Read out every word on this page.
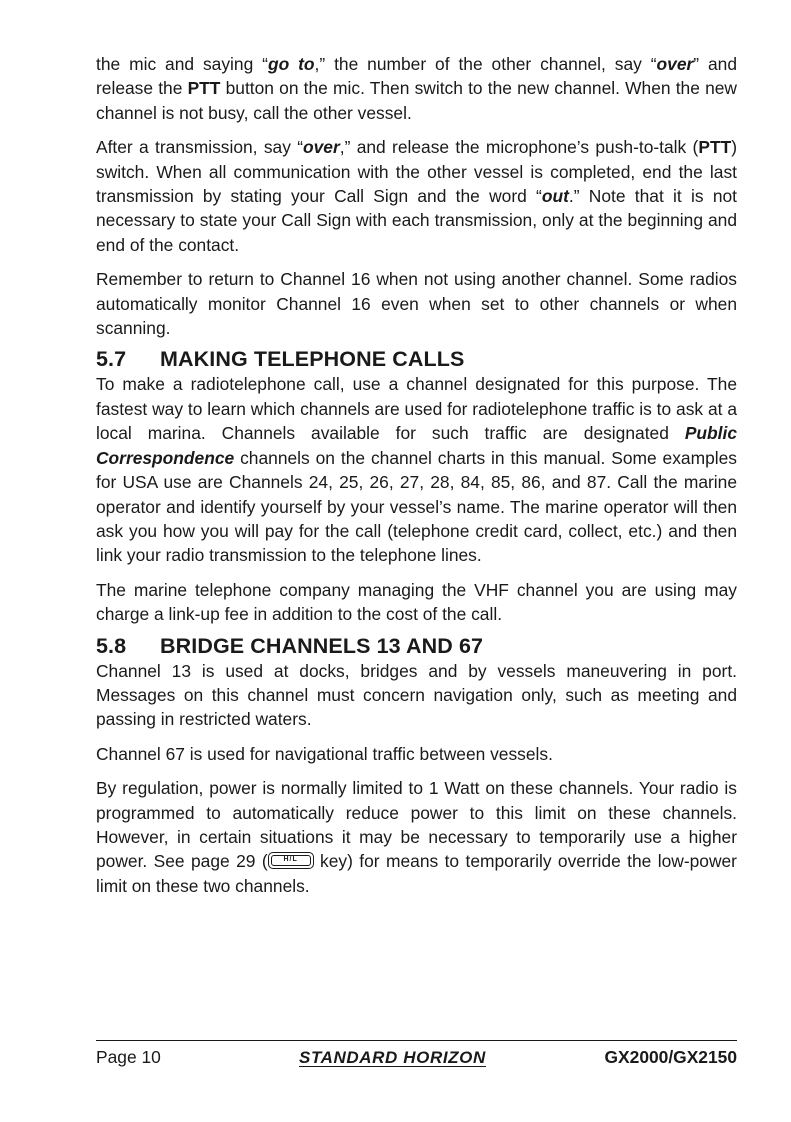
the mic and saying “go to,” the number of the other channel, say “over” and release the PTT button on the mic. Then switch to the new channel. When the new channel is not busy, call the other vessel.

After a transmission, say “over,” and release the microphone’s push-to-talk (PTT) switch. When all communication with the other vessel is completed, end the last transmission by stating your Call Sign and the word “out.” Note that it is not necessary to state your Call Sign with each transmission, only at the beginning and end of the contact.

Remember to return to Channel 16 when not using another channel. Some radios automatically monitor Channel 16 even when set to other channels or when scanning.

5.7 MAKING TELEPHONE CALLS

To make a radiotelephone call, use a channel designated for this purpose. The fastest way to learn which channels are used for radiotelephone traffic is to ask at a local marina. Channels available for such traffic are designated Public Correspondence channels on the channel charts in this manual. Some examples for USA use are Channels 24, 25, 26, 27, 28, 84, 85, 86, and 87. Call the marine operator and identify yourself by your vessel’s name. The marine operator will then ask you how you will pay for the call (telephone credit card, collect, etc.) and then link your radio transmission to the telephone lines.

The marine telephone company managing the VHF channel you are using may charge a link-up fee in addition to the cost of the call.

5.8 BRIDGE CHANNELS 13 AND 67

Channel 13 is used at docks, bridges and by vessels maneuvering in port. Messages on this channel must concern navigation only, such as meeting and passing in restricted waters.

Channel 67 is used for navigational traffic between vessels.

By regulation, power is normally limited to 1 Watt on these channels. Your radio is programmed to automatically reduce power to this limit on these channels. However, in certain situations it may be necessary to temporarily use a higher power. See page 29 (	H/L key) for means to temporarily override the low-power limit on these two channels.

Page 10	STANDARD HORIZON	GX2000/GX2150
